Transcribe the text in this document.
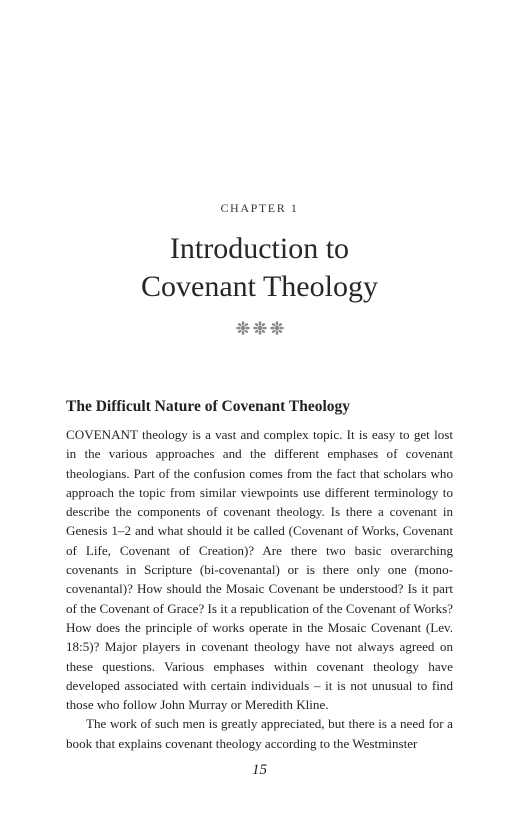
CHAPTER 1
Introduction to
Covenant Theology
The Difficult Nature of Covenant Theology

COVENANT theology is a vast and complex topic. It is easy to get lost in the various approaches and the different emphases of covenant theologians. Part of the confusion comes from the fact that scholars who approach the topic from similar viewpoints use different terminology to describe the components of covenant theology. Is there a covenant in Genesis 1–2 and what should it be called (Covenant of Works, Covenant of Life, Covenant of Creation)? Are there two basic overarching covenants in Scripture (bi-covenantal) or is there only one (mono-covenantal)? How should the Mosaic Covenant be understood? Is it part of the Covenant of Grace? Is it a republication of the Covenant of Works? How does the principle of works operate in the Mosaic Covenant (Lev. 18:5)? Major players in covenant theology have not always agreed on these questions. Various emphases within covenant theology have developed associated with certain individuals – it is not unusual to find those who follow John Murray or Meredith Kline.

The work of such men is greatly appreciated, but there is a need for a book that explains covenant theology according to the Westminster

15
